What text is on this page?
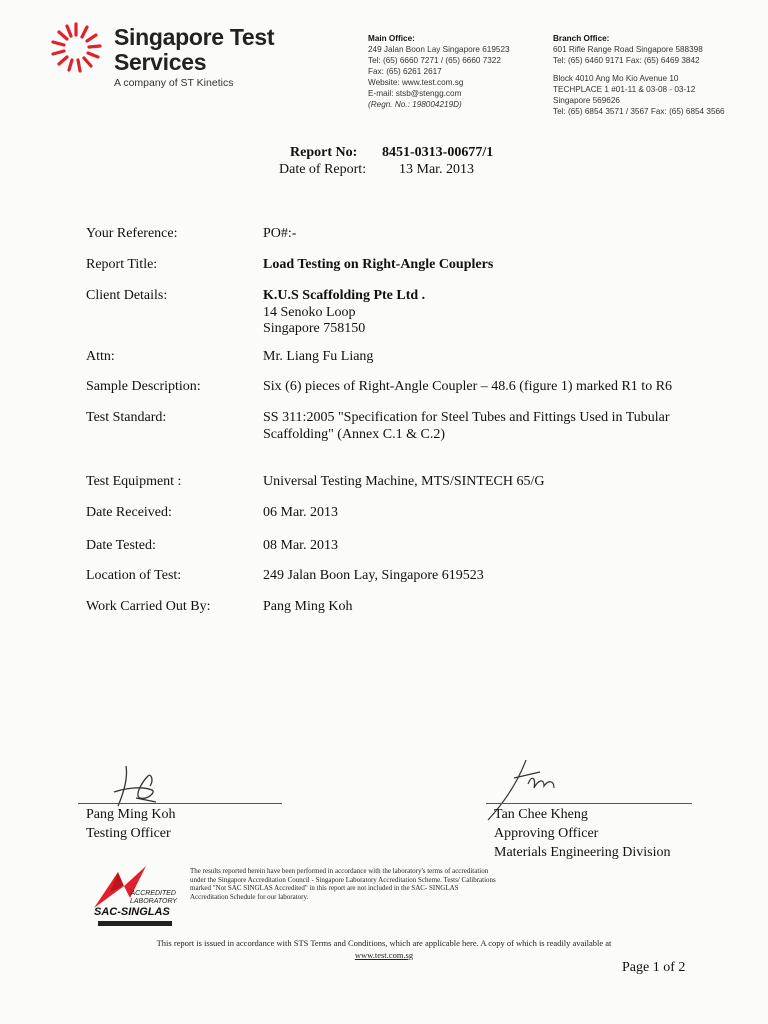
Singapore Test
Services
A company of ST Kinetics
Main Office:
249 Jalan Boon Lay Singapore 619523
Tel: (65) 6660 7271 / (65) 6660 7322
Fax: (65) 6261 2617
Website: www.test.com.sg
E-mail: stsb@stengg.com
(Regn. No.: 198004219D)
Branch Office:
601 Rifle Range Road Singapore 588398
Tel: (65) 6460 9171 Fax: (65) 6469 3842
Block 4010 Ang Mo Kio Avenue 10
TECHPLACE 1 #01-11 & 03-08 - 03-12
Singapore 569626
Tel: (65) 6854 3571 / 3567 Fax: (65) 6854 3566
Report No: 8451-0313-00677/1
Date of Report: 13 Mar. 2013
Your Reference:	PO#:-
Report Title:	Load Testing on Right-Angle Couplers
Client Details:	K.U.S Scaffolding Pte Ltd .
14 Senoko Loop
Singapore 758150
Attn:	Mr. Liang Fu Liang
Sample Description:	Six (6) pieces of Right-Angle Coupler – 48.6 (figure 1) marked R1 to R6
Test Standard:	SS 311:2005 "Specification for Steel Tubes and Fittings Used in Tubular Scaffolding" (Annex C.1 & C.2)
Test Equipment :	Universal Testing Machine, MTS/SINTECH 65/G
Date Received:	06 Mar. 2013
Date Tested:	08 Mar. 2013
Location of Test:	249 Jalan Boon Lay, Singapore 619523
Work Carried Out By:	Pang Ming Koh
Pang Ming Koh
Testing Officer
Tan Chee Kheng
Approving Officer
Materials Engineering Division
ACCREDITED
LABORATORY
SAC-SINGLAS
The results reported herein have been performed in accordance with the laboratory's terms of accreditation under the Singapore Accreditation Council - Singapore Laboratory Accreditation Scheme. Tests/ Calibrations marked "Not SAC SINGLAS Accredited" in this report are not included in the SAC- SINGLAS Accreditation Schedule for our laboratory.
This report is issued in accordance with STS Terms and Conditions, which are applicable here. A copy of which is readily available at
www.test.com.sg
Page 1 of 2
